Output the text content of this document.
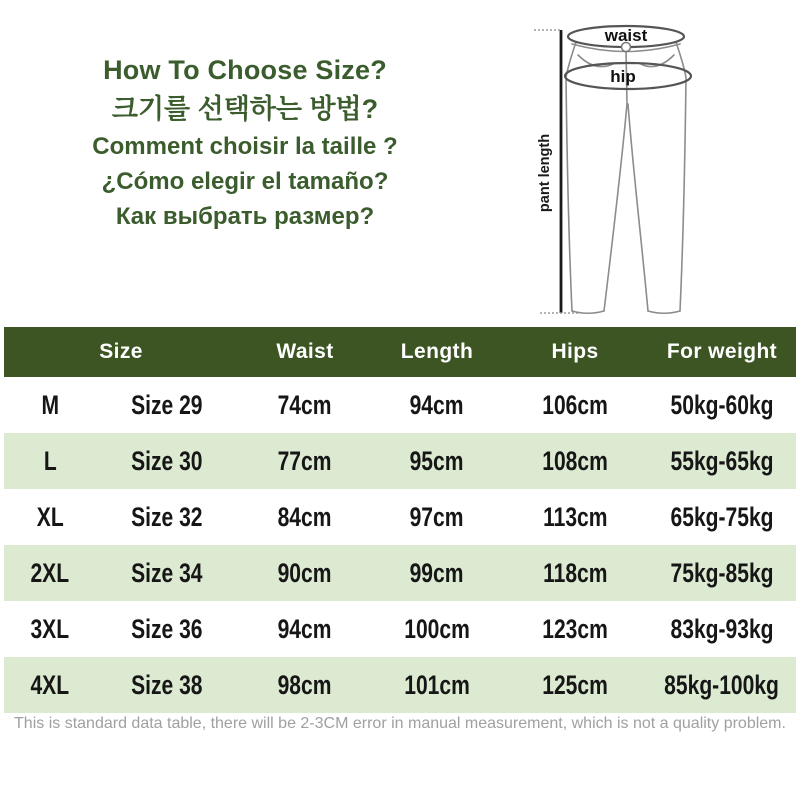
How To Choose Size?
크기를 선택하는 방법?
Comment choisir la taille ?
¿Cómo elegir el tamaño?
Как выбрать размер?
pant length
waist
hip
Size	Waist	Length	Hips	For weight
M	Size 29	74cm	94cm	106cm	50kg-60kg
L	Size 30	77cm	95cm	108cm	55kg-65kg
XL	Size 32	84cm	97cm	113cm	65kg-75kg
2XL	Size 34	90cm	99cm	118cm	75kg-85kg
3XL	Size 36	94cm	100cm	123cm	83kg-93kg
4XL	Size 38	98cm	101cm	125cm	85kg-100kg
This is standard data table, there will be 2-3CM error in manual measurement, which is not a quality problem.
